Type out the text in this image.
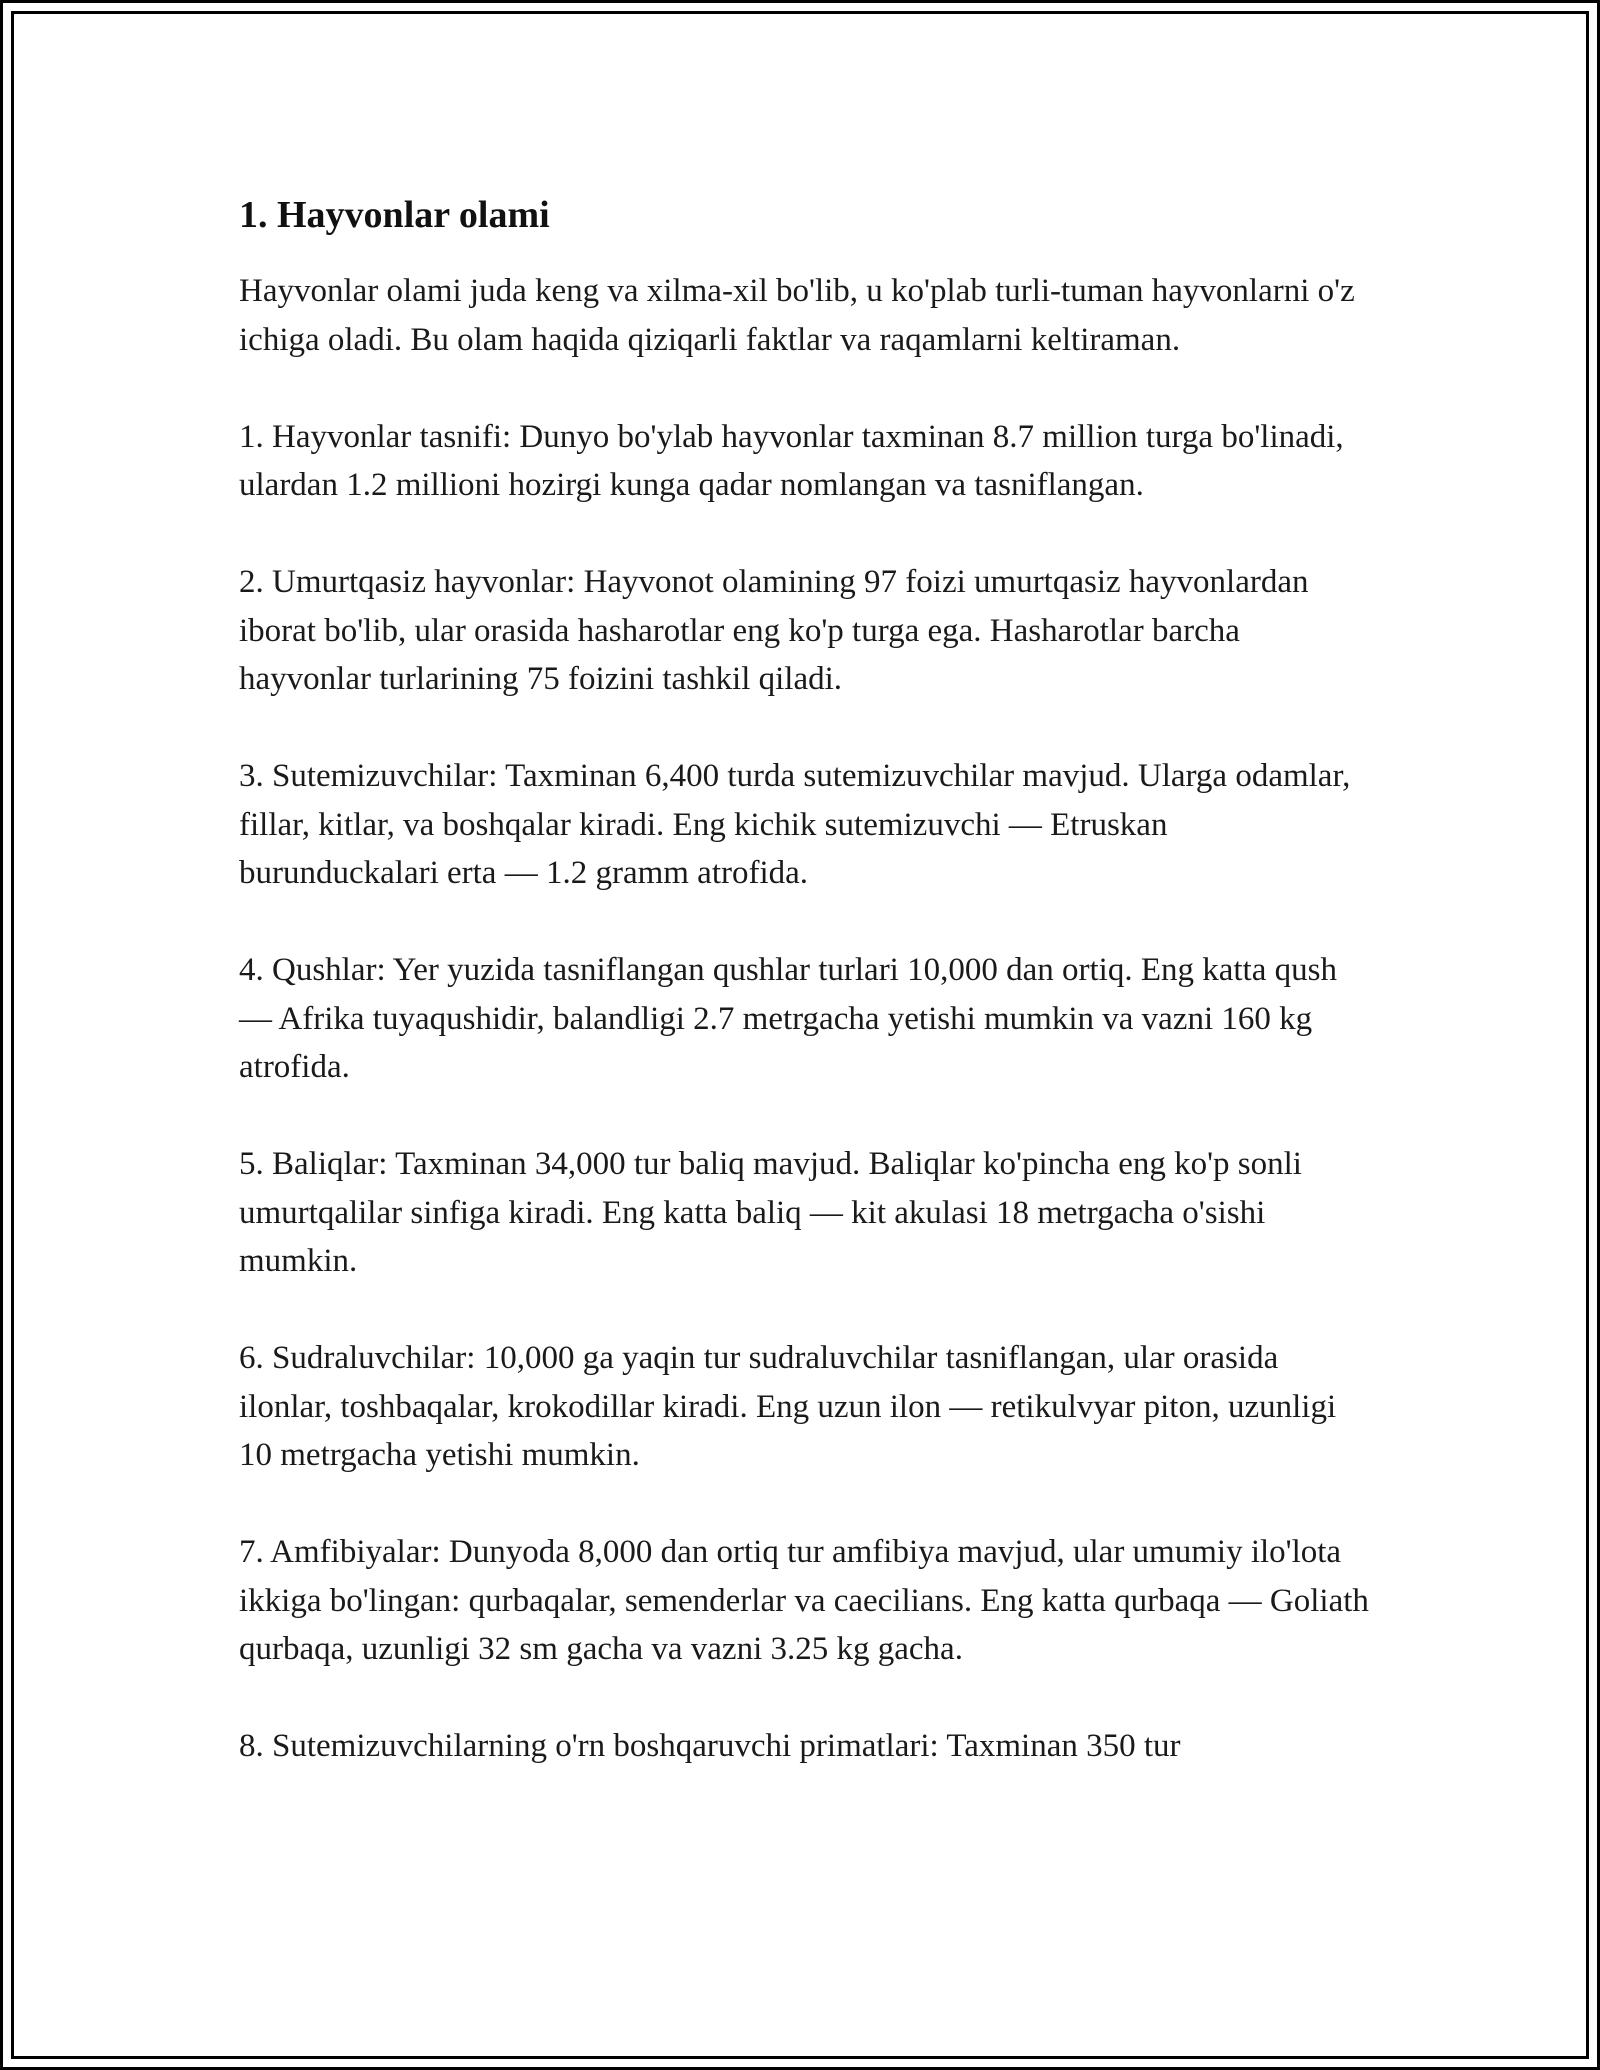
1. Hayvonlar olami

Hayvonlar olami juda keng va xilma-xil bo'lib, u ko'plab turli-tuman hayvonlarni o'z ichiga oladi. Bu olam haqida qiziqarli faktlar va raqamlarni keltiraman.

1. Hayvonlar tasnifi: Dunyo bo'ylab hayvonlar taxminan 8.7 million turga bo'linadi, ulardan 1.2 millioni hozirgi kunga qadar nomlangan va tasniflangan.

2. Umurtqasiz hayvonlar: Hayvonot olamining 97 foizi umurtqasiz hayvonlardan iborat bo'lib, ular orasida hasharotlar eng ko'p turga ega. Hasharotlar barcha hayvonlar turlarining 75 foizini tashkil qiladi.

3. Sutemizuvchilar: Taxminan 6,400 turda sutemizuvchilar mavjud. Ularga odamlar, fillar, kitlar, va boshqalar kiradi. Eng kichik sutemizuvchi — Etruskan burunduckalari erta — 1.2 gramm atrofida.

4. Qushlar: Yer yuzida tasniflangan qushlar turlari 10,000 dan ortiq. Eng katta qush — Afrika tuyaqushidir, balandligi 2.7 metrgacha yetishi mumkin va vazni 160 kg atrofida.

5. Baliqlar: Taxminan 34,000 tur baliq mavjud. Baliqlar ko'pincha eng ko'p sonli umurtqalilar sinfiga kiradi. Eng katta baliq — kit akulasi 18 metrgacha o'sishi mumkin.

6. Sudraluvchilar: 10,000 ga yaqin tur sudraluvchilar tasniflangan, ular orasida ilonlar, toshbaqalar, krokodillar kiradi. Eng uzun ilon — retikulvyar piton, uzunligi 10 metrgacha yetishi mumkin.

7. Amfibiyalar: Dunyoda 8,000 dan ortiq tur amfibiya mavjud, ular umumiy ilo'lota ikkiga bo'lingan: qurbaqalar, semenderlar va caecilians. Eng katta qurbaqa — Goliath qurbaqa, uzunligi 32 sm gacha va vazni 3.25 kg gacha.

8. Sutemizuvchilarning o'rn boshqaruvchi primatlari: Taxminan 350 tur
